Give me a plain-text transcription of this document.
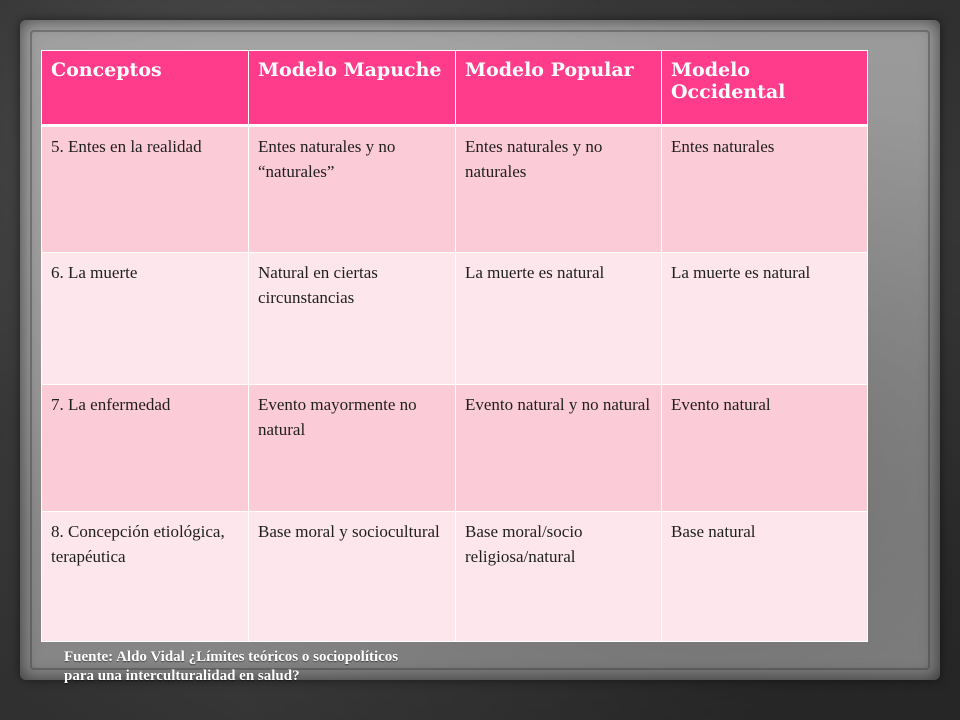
Conceptos	Modelo Mapuche	Modelo Popular	Modelo Occidental
5. Entes en la realidad	Entes naturales y no “naturales”	Entes naturales y no naturales	Entes naturales
6. La muerte	Natural en ciertas circunstancias	La muerte es natural	La muerte es natural
7. La enfermedad	Evento mayormente no natural	Evento natural y no natural	Evento natural
8. Concepción etiológica, terapéutica	Base moral y sociocultural	Base moral/socio religiosa/natural	Base natural
Fuente: Aldo Vidal ¿Límites teóricos o sociopolíticos para una interculturalidad en salud?
